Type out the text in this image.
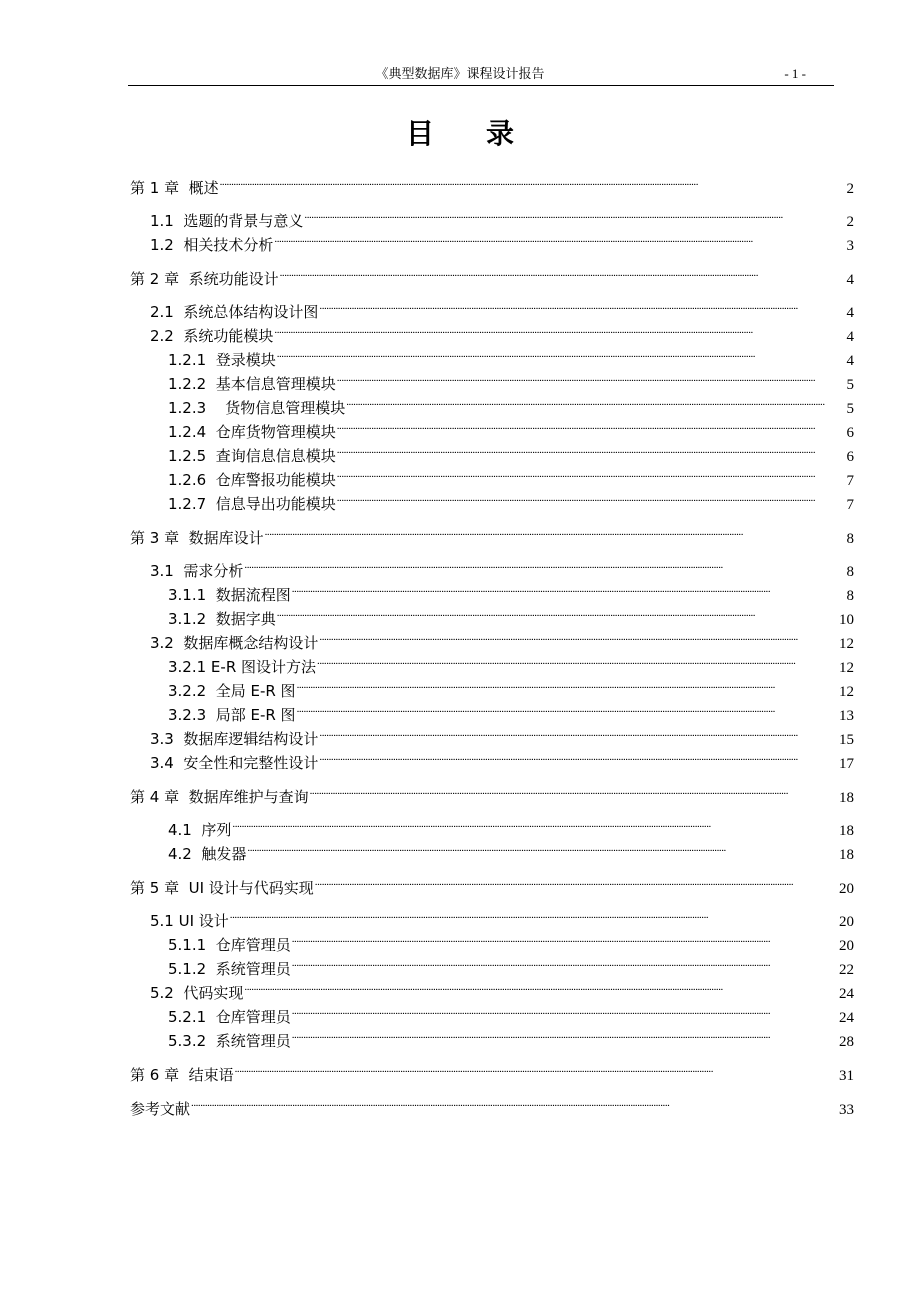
《典型数据库》课程设计报告	- 1 -
目录
第 1 章  概述 . . .	2
1.1  选题的背景与意义 . . .	2
1.2  相关技术分析 . . .	3
第 2 章  系统功能设计 . . .	4
2.1  系统总体结构设计图 . . .	4
2.2  系统功能模块 . . .	4
1.2.1  登录模块 . . .	4
1.2.2  基本信息管理模块 . . .	5
1.2.3    货物信息管理模块 . . .	5
1.2.4  仓库货物管理模块 . . .	6
1.2.5  查询信息信息模块 . . .	6
1.2.6  仓库警报功能模块 . . .	7
1.2.7  信息导出功能模块 . . .	7
第 3 章  数据库设计 . . .	8
3.1  需求分析 . . .	8
3.1.1  数据流程图 . . .	8
3.1.2  数据字典 . . .	10
3.2  数据库概念结构设计 . . .	12
3.2.1 E-R 图设计方法 . . .	12
3.2.2  全局 E-R 图 . . .	12
3.2.3  局部 E-R 图 . . .	13
3.3  数据库逻辑结构设计 . . .	15
3.4  安全性和完整性设计 . . .	17
第 4 章  数据库维护与查询 . . .	18
4.1  序列 . . .	18
4.2  触发器 . . .	18
第 5 章  UI 设计与代码实现 . . .	20
5.1 UI 设计 . . .	20
5.1.1  仓库管理员 . . .	20
5.1.2  系统管理员 . . .	22
5.2  代码实现 . . .	24
5.2.1  仓库管理员 . . .	24
5.3.2  系统管理员 . . .	28
第 6 章  结束语 . . .	31
参考文献 . . .	33
